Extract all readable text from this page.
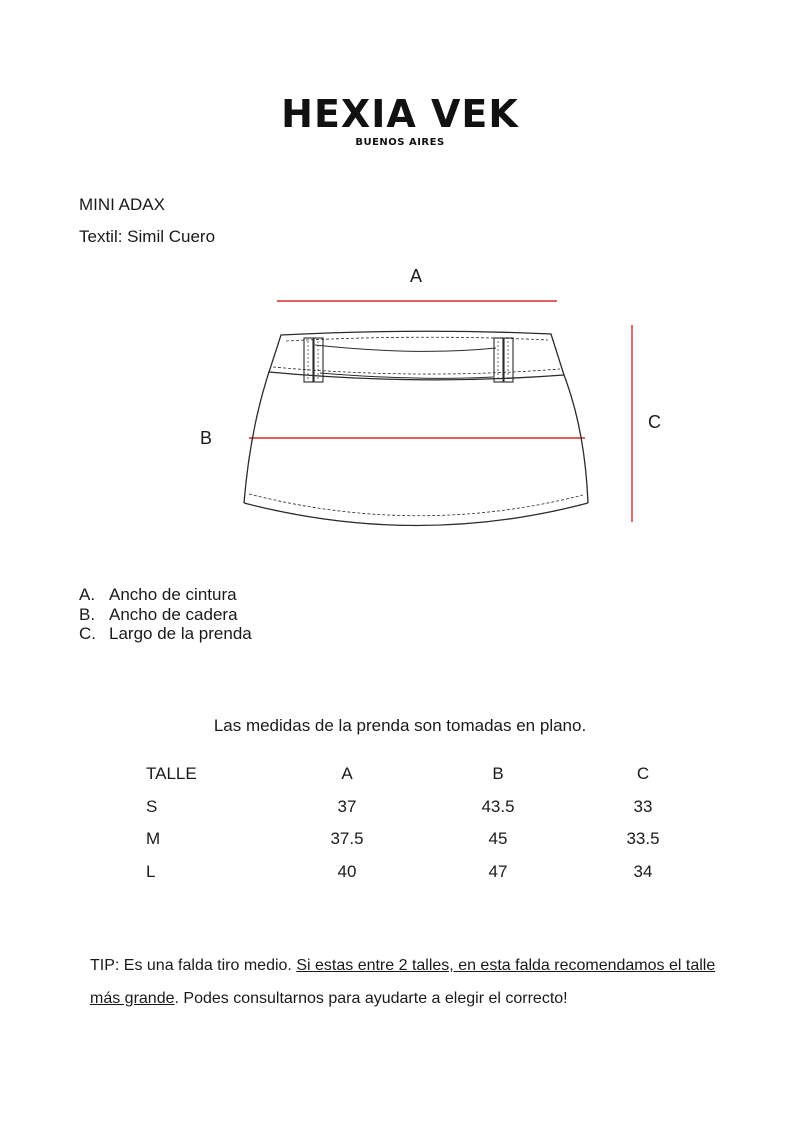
HEXIA VEK
BUENOS AIRES
MINI ADAX
Textil: Simil Cuero
A
B
C
A. Ancho de cintura
B. Ancho de cadera
C. Largo de la prenda
Las medidas de la prenda son tomadas en plano.
TALLE	A	B	C
S	37	43.5	33
M	37.5	45	33.5
L	40	47	34
TIP: Es una falda tiro medio. Si estas entre 2 talles, en esta falda recomendamos el talle más grande. Podes consultarnos para ayudarte a elegir el correcto!
